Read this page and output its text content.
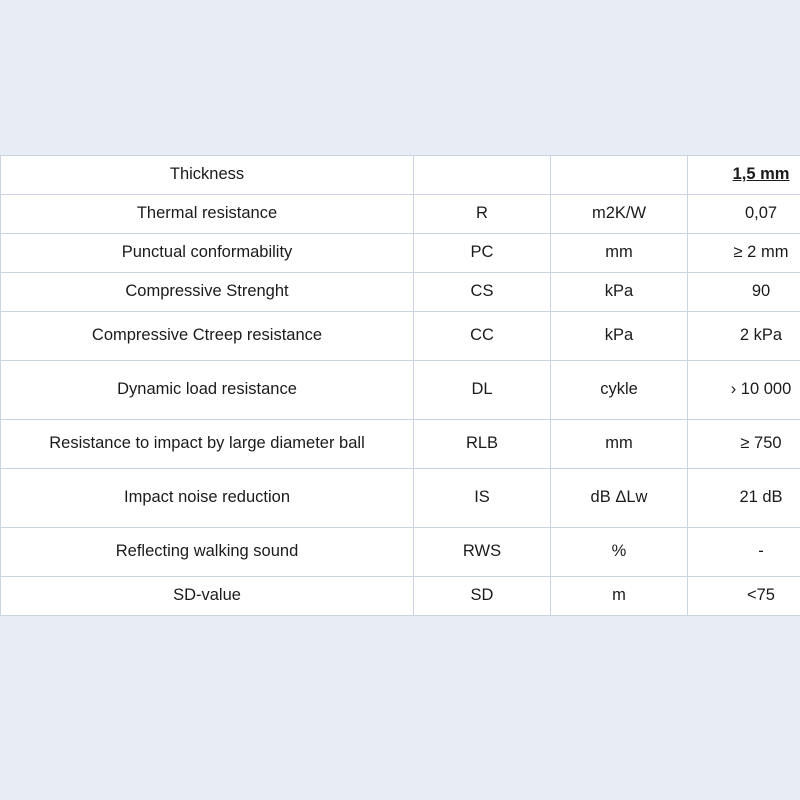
Thickness			1,5 mm
Thermal resistance	R	m2K/W	0,07
Punctual conformability	PC	mm	≥ 2 mm
Compressive Strenght	CS	kPa	90
Compressive Ctreep resistance	CC	kPa	2 kPa
Dynamic load resistance	DL	cykle	› 10 000
Resistance to impact by large diameter ball	RLB	mm	≥ 750
Impact noise reduction	IS	dB ΔLw	21 dB
Reflecting walking sound	RWS	%	-
SD-value	SD	m	<75
